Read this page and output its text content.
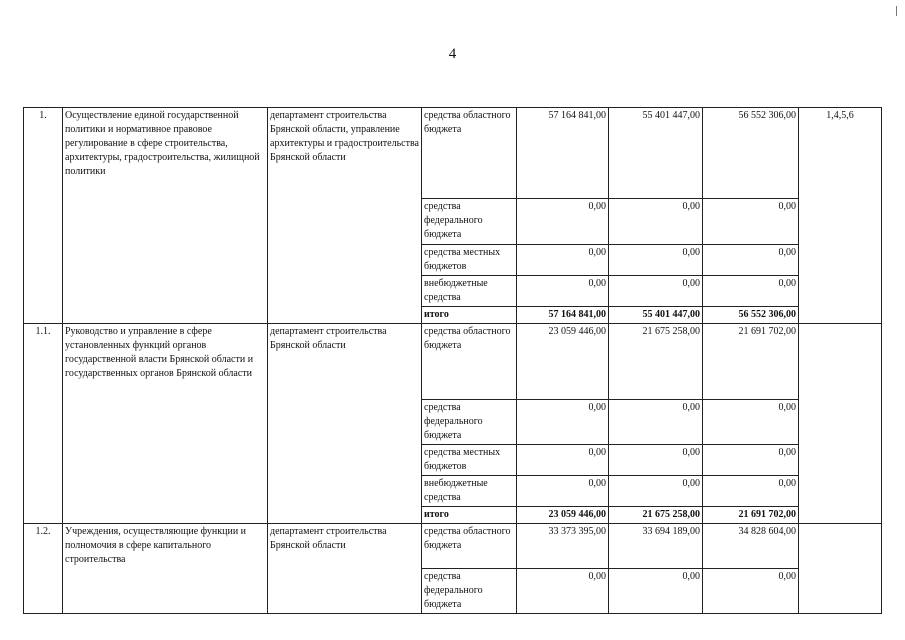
4
1.	Осуществление единой государственной политики и нормативное правовое регулирование в сфере строительства, архитектуры, градостроительства, жилищной политики	департамент строительства Брянской области, управление архитектуры и градостроительства Брянской области	средства областного бюджета	57 164 841,00	55 401 447,00	56 552 306,00	1,4,5,6
			средства федерального бюджета	0,00	0,00	0,00	
			средства местных бюджетов	0,00	0,00	0,00	
			внебюджетные средства	0,00	0,00	0,00	
			итого	57 164 841,00	55 401 447,00	56 552 306,00	
1.1.	Руководство и управление в сфере установленных функций органов государственной власти Брянской области и государственных органов Брянской области	департамент строительства Брянской области	средства областного бюджета	23 059 446,00	21 675 258,00	21 691 702,00	
			средства федерального бюджета	0,00	0,00	0,00	
			средства местных бюджетов	0,00	0,00	0,00	
			внебюджетные средства	0,00	0,00	0,00	
			итого	23 059 446,00	21 675 258,00	21 691 702,00	
1.2.	Учреждения, осуществляющие функции и полномочия в сфере капитального строительства	департамент строительства Брянской области	средства областного бюджета	33 373 395,00	33 694 189,00	34 828 604,00	
			средства федерального бюджета	0,00	0,00	0,00	
